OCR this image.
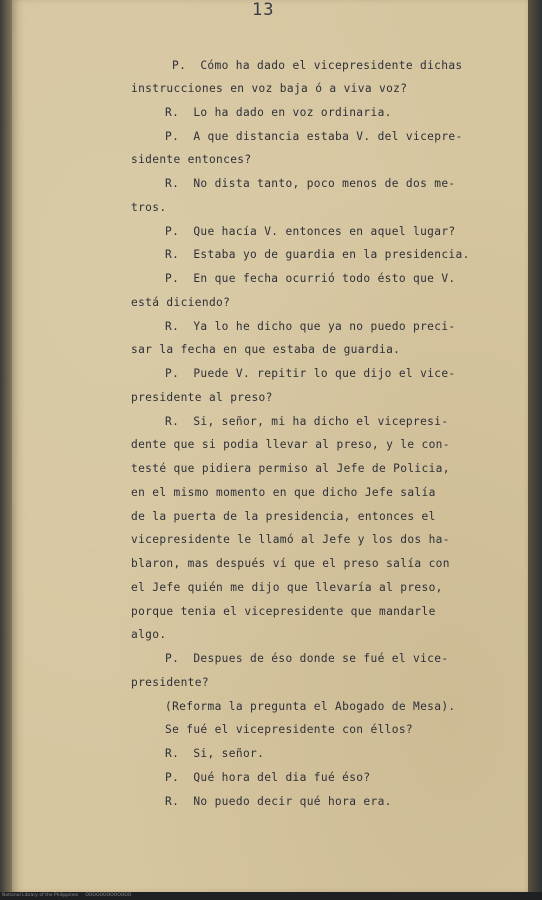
13
P.  Cómo ha dado el vicepresidente dichas
instrucciones en voz baja ó a viva voz?
R.  Lo ha dado en voz ordinaria.
P.  A que distancia estaba V. del vicepre-
sidente entonces?
R.  No dista tanto, poco menos de dos me-
tros.
P.  Que hacía V. entonces en aquel lugar?
R.  Estaba yo de guardia en la presidencia.
P.  En que fecha ocurrió todo ésto que V.
está diciendo?
R.  Ya lo he dicho que ya no puedo preci-
sar la fecha en que estaba de guardia.
P.  Puede V. repitir lo que dijo el vice-
presidente al preso?
R.  Si, señor, mi ha dicho el vicepresi-
dente que si podia llevar al preso, y le con-
testé que pidiera permiso al Jefe de Policia,
en el mismo momento en que dicho Jefe salía
de la puerta de la presidencia, entonces el
vicepresidente le llamó al Jefe y los dos ha-
blaron, mas después ví que el preso salía con
el Jefe quién me dijo que llevaría al preso,
porque tenia el vicepresidente que mandarle
algo.
P.  Despues de éso donde se fué el vice-
presidente?
(Reforma la pregunta el Abogado de Mesa).
Se fué el vicepresidente con éllos?
R.  Si, señor.
P.  Qué hora del dia fué éso?
R.  No puedo decir qué hora era.
National Library of the Philippines     OOOOOOOOOOOOO
